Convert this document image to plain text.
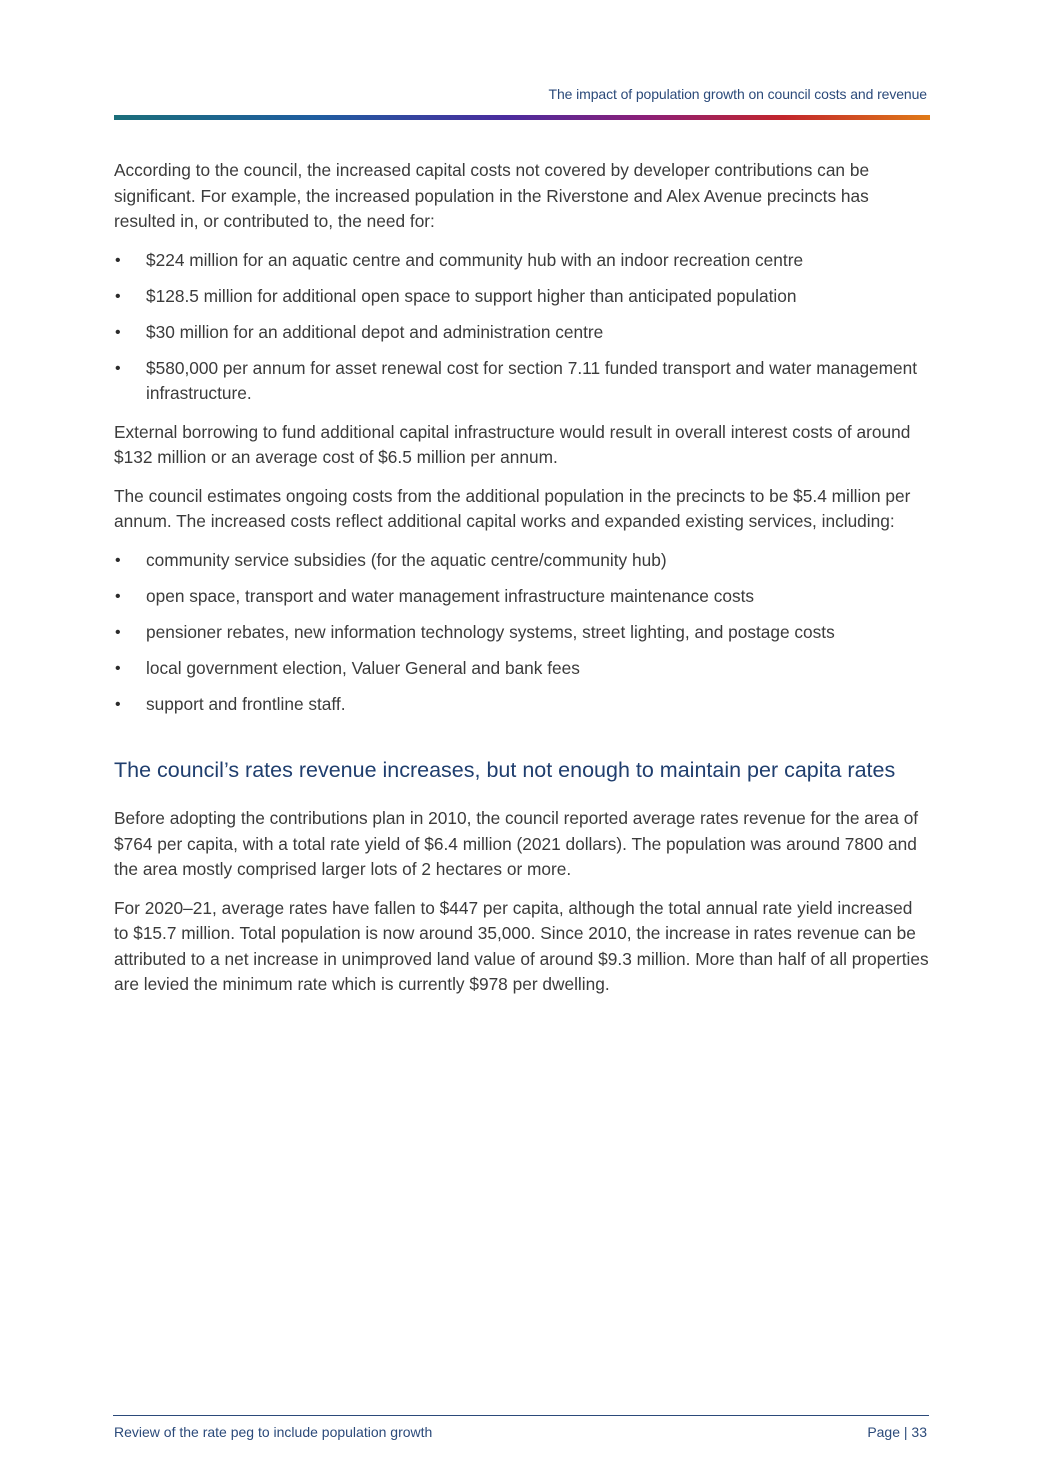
The impact of population growth on council costs and revenue

According to the council, the increased capital costs not covered by developer contributions can be significant. For example, the increased population in the Riverstone and Alex Avenue precincts has resulted in, or contributed to, the need for:

• $224 million for an aquatic centre and community hub with an indoor recreation centre
• $128.5 million for additional open space to support higher than anticipated population
• $30 million for an additional depot and administration centre
• $580,000 per annum for asset renewal cost for section 7.11 funded transport and water management infrastructure.

External borrowing to fund additional capital infrastructure would result in overall interest costs of around $132 million or an average cost of $6.5 million per annum.

The council estimates ongoing costs from the additional population in the precincts to be $5.4 million per annum. The increased costs reflect additional capital works and expanded existing services, including:

• community service subsidies (for the aquatic centre/community hub)
• open space, transport and water management infrastructure maintenance costs
• pensioner rebates, new information technology systems, street lighting, and postage costs
• local government election, Valuer General and bank fees
• support and frontline staff.
The council’s rates revenue increases, but not enough to maintain per capita rates

Before adopting the contributions plan in 2010, the council reported average rates revenue for the area of $764 per capita, with a total rate yield of $6.4 million (2021 dollars). The population was around 7800 and the area mostly comprised larger lots of 2 hectares or more.

For 2020–21, average rates have fallen to $447 per capita, although the total annual rate yield increased to $15.7 million. Total population is now around 35,000. Since 2010, the increase in rates revenue can be attributed to a net increase in unimproved land value of around $9.3 million. More than half of all properties are levied the minimum rate which is currently $978 per dwelling.

Review of the rate peg to include population growth	Page | 33
